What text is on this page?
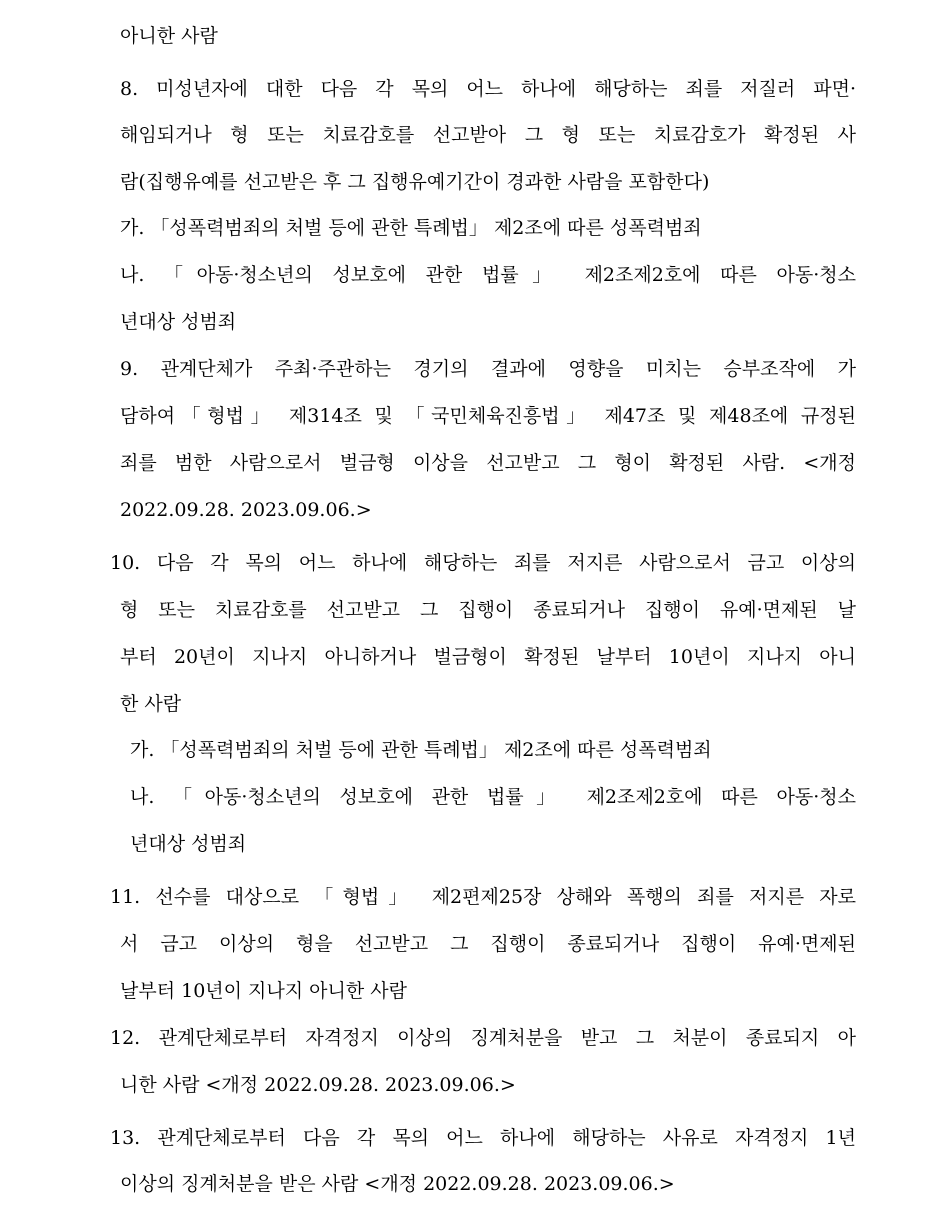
아니한 사람
8. 미성년자에 대한 다음 각 목의 어느 하나에 해당하는 죄를 저질러 파면·
해임되거나 형 또는 치료감호를 선고받아 그 형 또는 치료감호가 확정된 사
람(집행유예를 선고받은 후 그 집행유예기간이 경과한 사람을 포함한다)
가. 「성폭력범죄의 처벌 등에 관한 특례법」 제2조에 따른 성폭력범죄
나. 「아동·청소년의 성보호에 관한 법률」 제2조제2호에 따른 아동·청소
년대상 성범죄
9. 관계단체가 주최·주관하는 경기의 결과에 영향을 미치는 승부조작에 가
담하여「형법」 제314조 및 「국민체육진흥법」 제47조 및 제48조에 규정된
죄를 범한 사람으로서 벌금형 이상을 선고받고 그 형이 확정된 사람. <개정
2022.09.28. 2023.09.06.>
10. 다음 각 목의 어느 하나에 해당하는 죄를 저지른 사람으로서 금고 이상의
형 또는 치료감호를 선고받고 그 집행이 종료되거나 집행이 유예·면제된 날
부터 20년이 지나지 아니하거나 벌금형이 확정된 날부터 10년이 지나지 아니
한 사람
가. 「성폭력범죄의 처벌 등에 관한 특례법」 제2조에 따른 성폭력범죄
나. 「아동·청소년의 성보호에 관한 법률」 제2조제2호에 따른 아동·청소
년대상 성범죄
11. 선수를 대상으로 「형법」 제2편제25장 상해와 폭행의 죄를 저지른 자로
서 금고 이상의 형을 선고받고 그 집행이 종료되거나 집행이 유예·면제된
날부터 10년이 지나지 아니한 사람
12. 관계단체로부터 자격정지 이상의 징계처분을 받고 그 처분이 종료되지 아
니한 사람 <개정 2022.09.28. 2023.09.06.>
13. 관계단체로부터 다음 각 목의 어느 하나에 해당하는 사유로 자격정지 1년
이상의 징계처분을 받은 사람 <개정 2022.09.28. 2023.09.06.>
